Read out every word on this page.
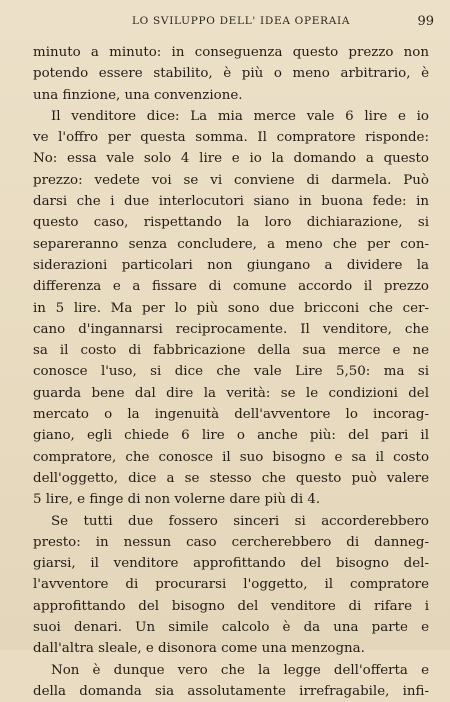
LO SVILUPPO DELL' IDEA OPERAIA	99
minuto a minuto: in conseguenza questo prezzo non
potendo essere stabilito, è più o meno arbitrario, è
una finzione, una convenzione.
Il venditore dice: La mia merce vale 6 lire e io
ve l'offro per questa somma. Il compratore risponde:
No: essa vale solo 4 lire e io la domando a questo
prezzo: vedete voi se vi conviene di darmela. Può
darsi che i due interlocutori siano in buona fede: in
questo caso, rispettando la loro dichiarazione, si
separeranno senza concludere, a meno che per con-
siderazioni particolari non giungano a dividere la
differenza e a fissare di comune accordo il prezzo
in 5 lire. Ma per lo più sono due bricconi che cer-
cano d'ingannarsi reciprocamente. Il venditore, che
sa il costo di fabbricazione della sua merce e ne
conosce l'uso, si dice che vale Lire 5,50: ma si
guarda bene dal dire la verità: se le condizioni del
mercato o la ingenuità dell'avventore lo incorag-
giano, egli chiede 6 lire o anche più: del pari il
compratore, che conosce il suo bisogno e sa il costo
dell'oggetto, dice a se stesso che questo può valere
5 lire, e finge di non volerne dare più di 4.
Se tutti due fossero sinceri si accorderebbero
presto: in nessun caso cercherebbero di danneg-
giarsi, il venditore approfittando del bisogno del-
l'avventore di procurarsi l'oggetto, il compratore
approfittando del bisogno del venditore di rifare i
suoi denari. Un simile calcolo è da una parte e
dall'altra sleale, e disonora come una menzogna.
Non è dunque vero che la legge dell'offerta e
della domanda sia assolutamente irrefragabile, infi-
